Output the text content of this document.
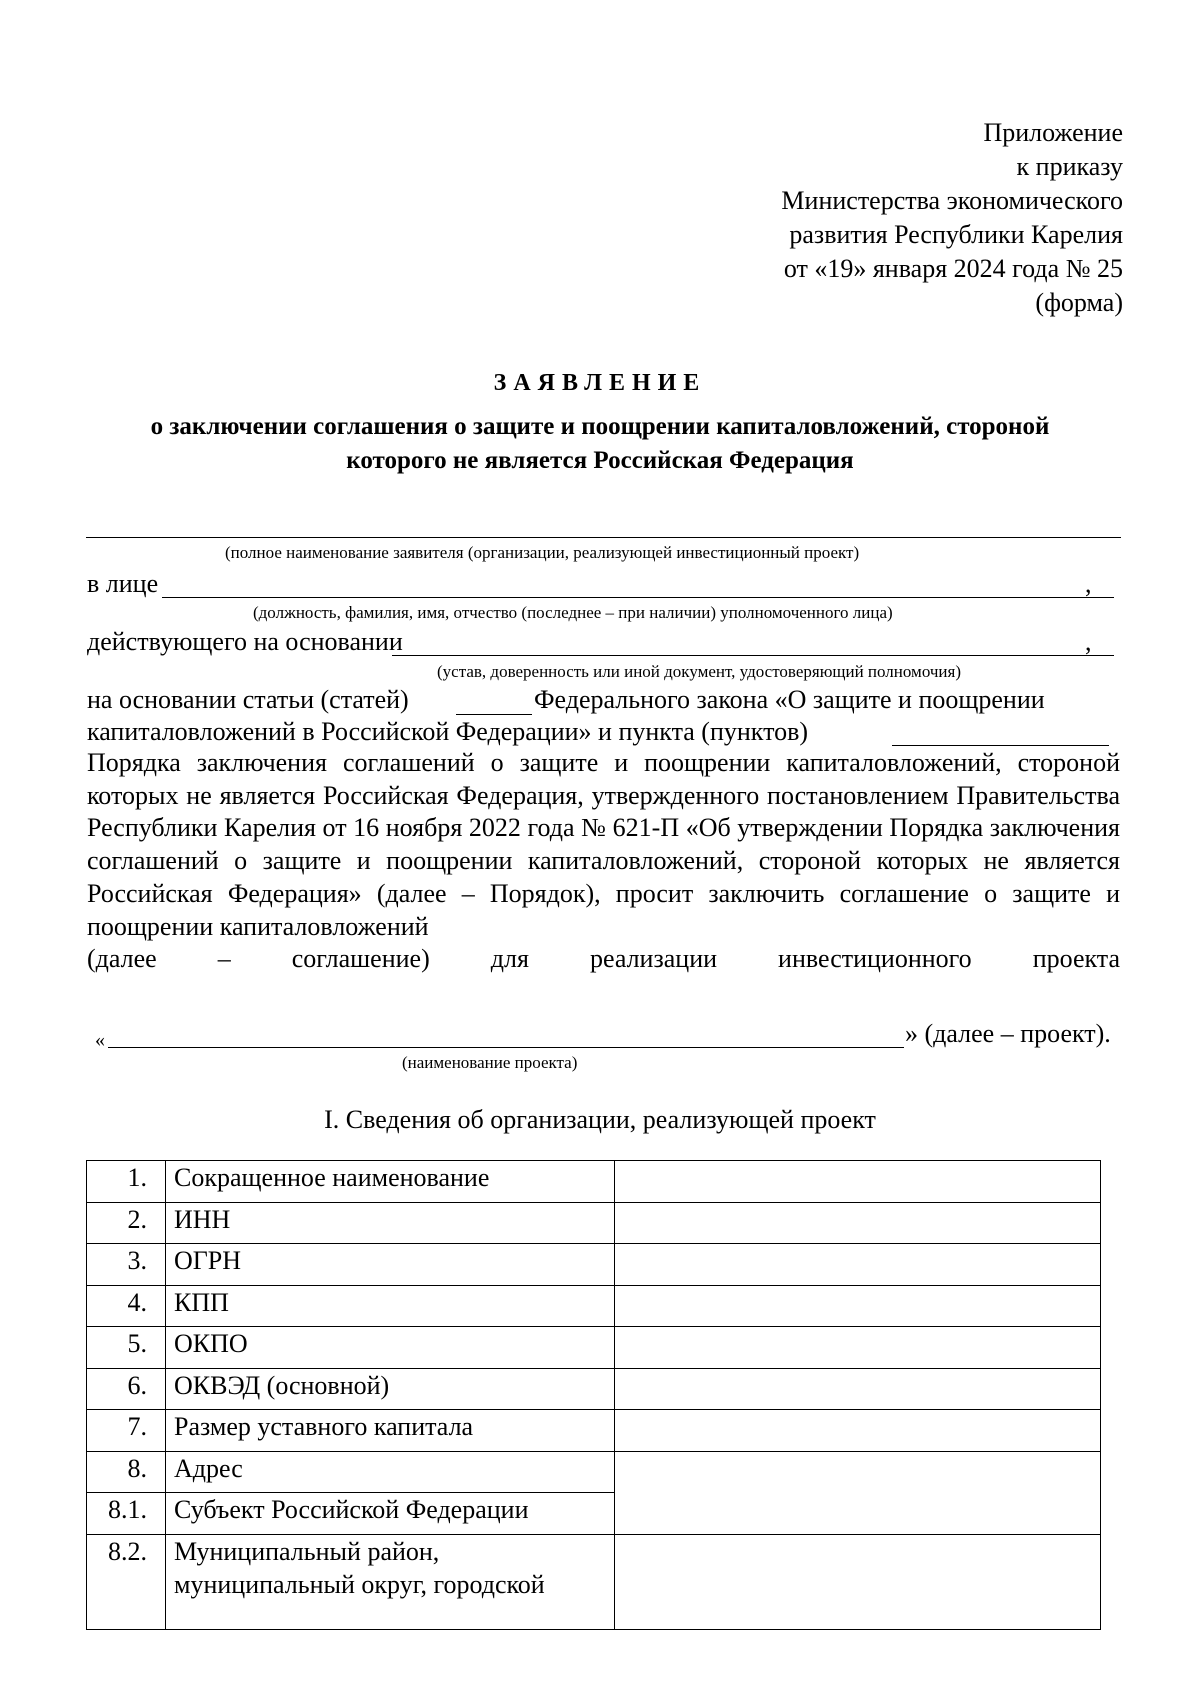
Приложение
к приказу
Министерства экономического
развития Республики Карелия
от «19» января 2024 года № 25
(форма)
ЗАЯВЛЕНИЕ
о заключении соглашения о защите и поощрении капиталовложений, стороной
которого не является Российская Федерация
(полное наименование заявителя (организации, реализующей инвестиционный проект)
в лице	,
(должность, фамилия, имя, отчество (последнее – при наличии) уполномоченного лица)
действующего на основании	,
(устав, доверенность или иной документ, удостоверяющий полномочия)
на основании статьи (статей)	Федерального закона «О защите и поощрении
капиталовложений в Российской Федерации» и пункта (пунктов)
Порядка заключения соглашений о защите и поощрении капиталовложений, стороной которых не является Российская Федерация, утвержденного постановлением Правительства Республики Карелия от 16 ноября 2022 года № 621-П «Об утверждении Порядка заключения соглашений о защите и поощрении капиталовложений, стороной которых не является Российская Федерация» (далее – Порядок), просит заключить соглашение о защите и поощрении капиталовложений
(далее – соглашение) для реализации инвестиционного проекта
«	» (далее – проект).
(наименование проекта)
I. Сведения об организации, реализующей проект
1.	Сокращенное наименование	
2.	ИНН	
3.	ОГРН	
4.	КПП	
5.	ОКПО	
6.	ОКВЭД (основной)	
7.	Размер уставного капитала	
8.	Адрес	
8.1.	Субъект Российской Федерации	
8.2.	Муниципальный район, муниципальный округ, городской	
